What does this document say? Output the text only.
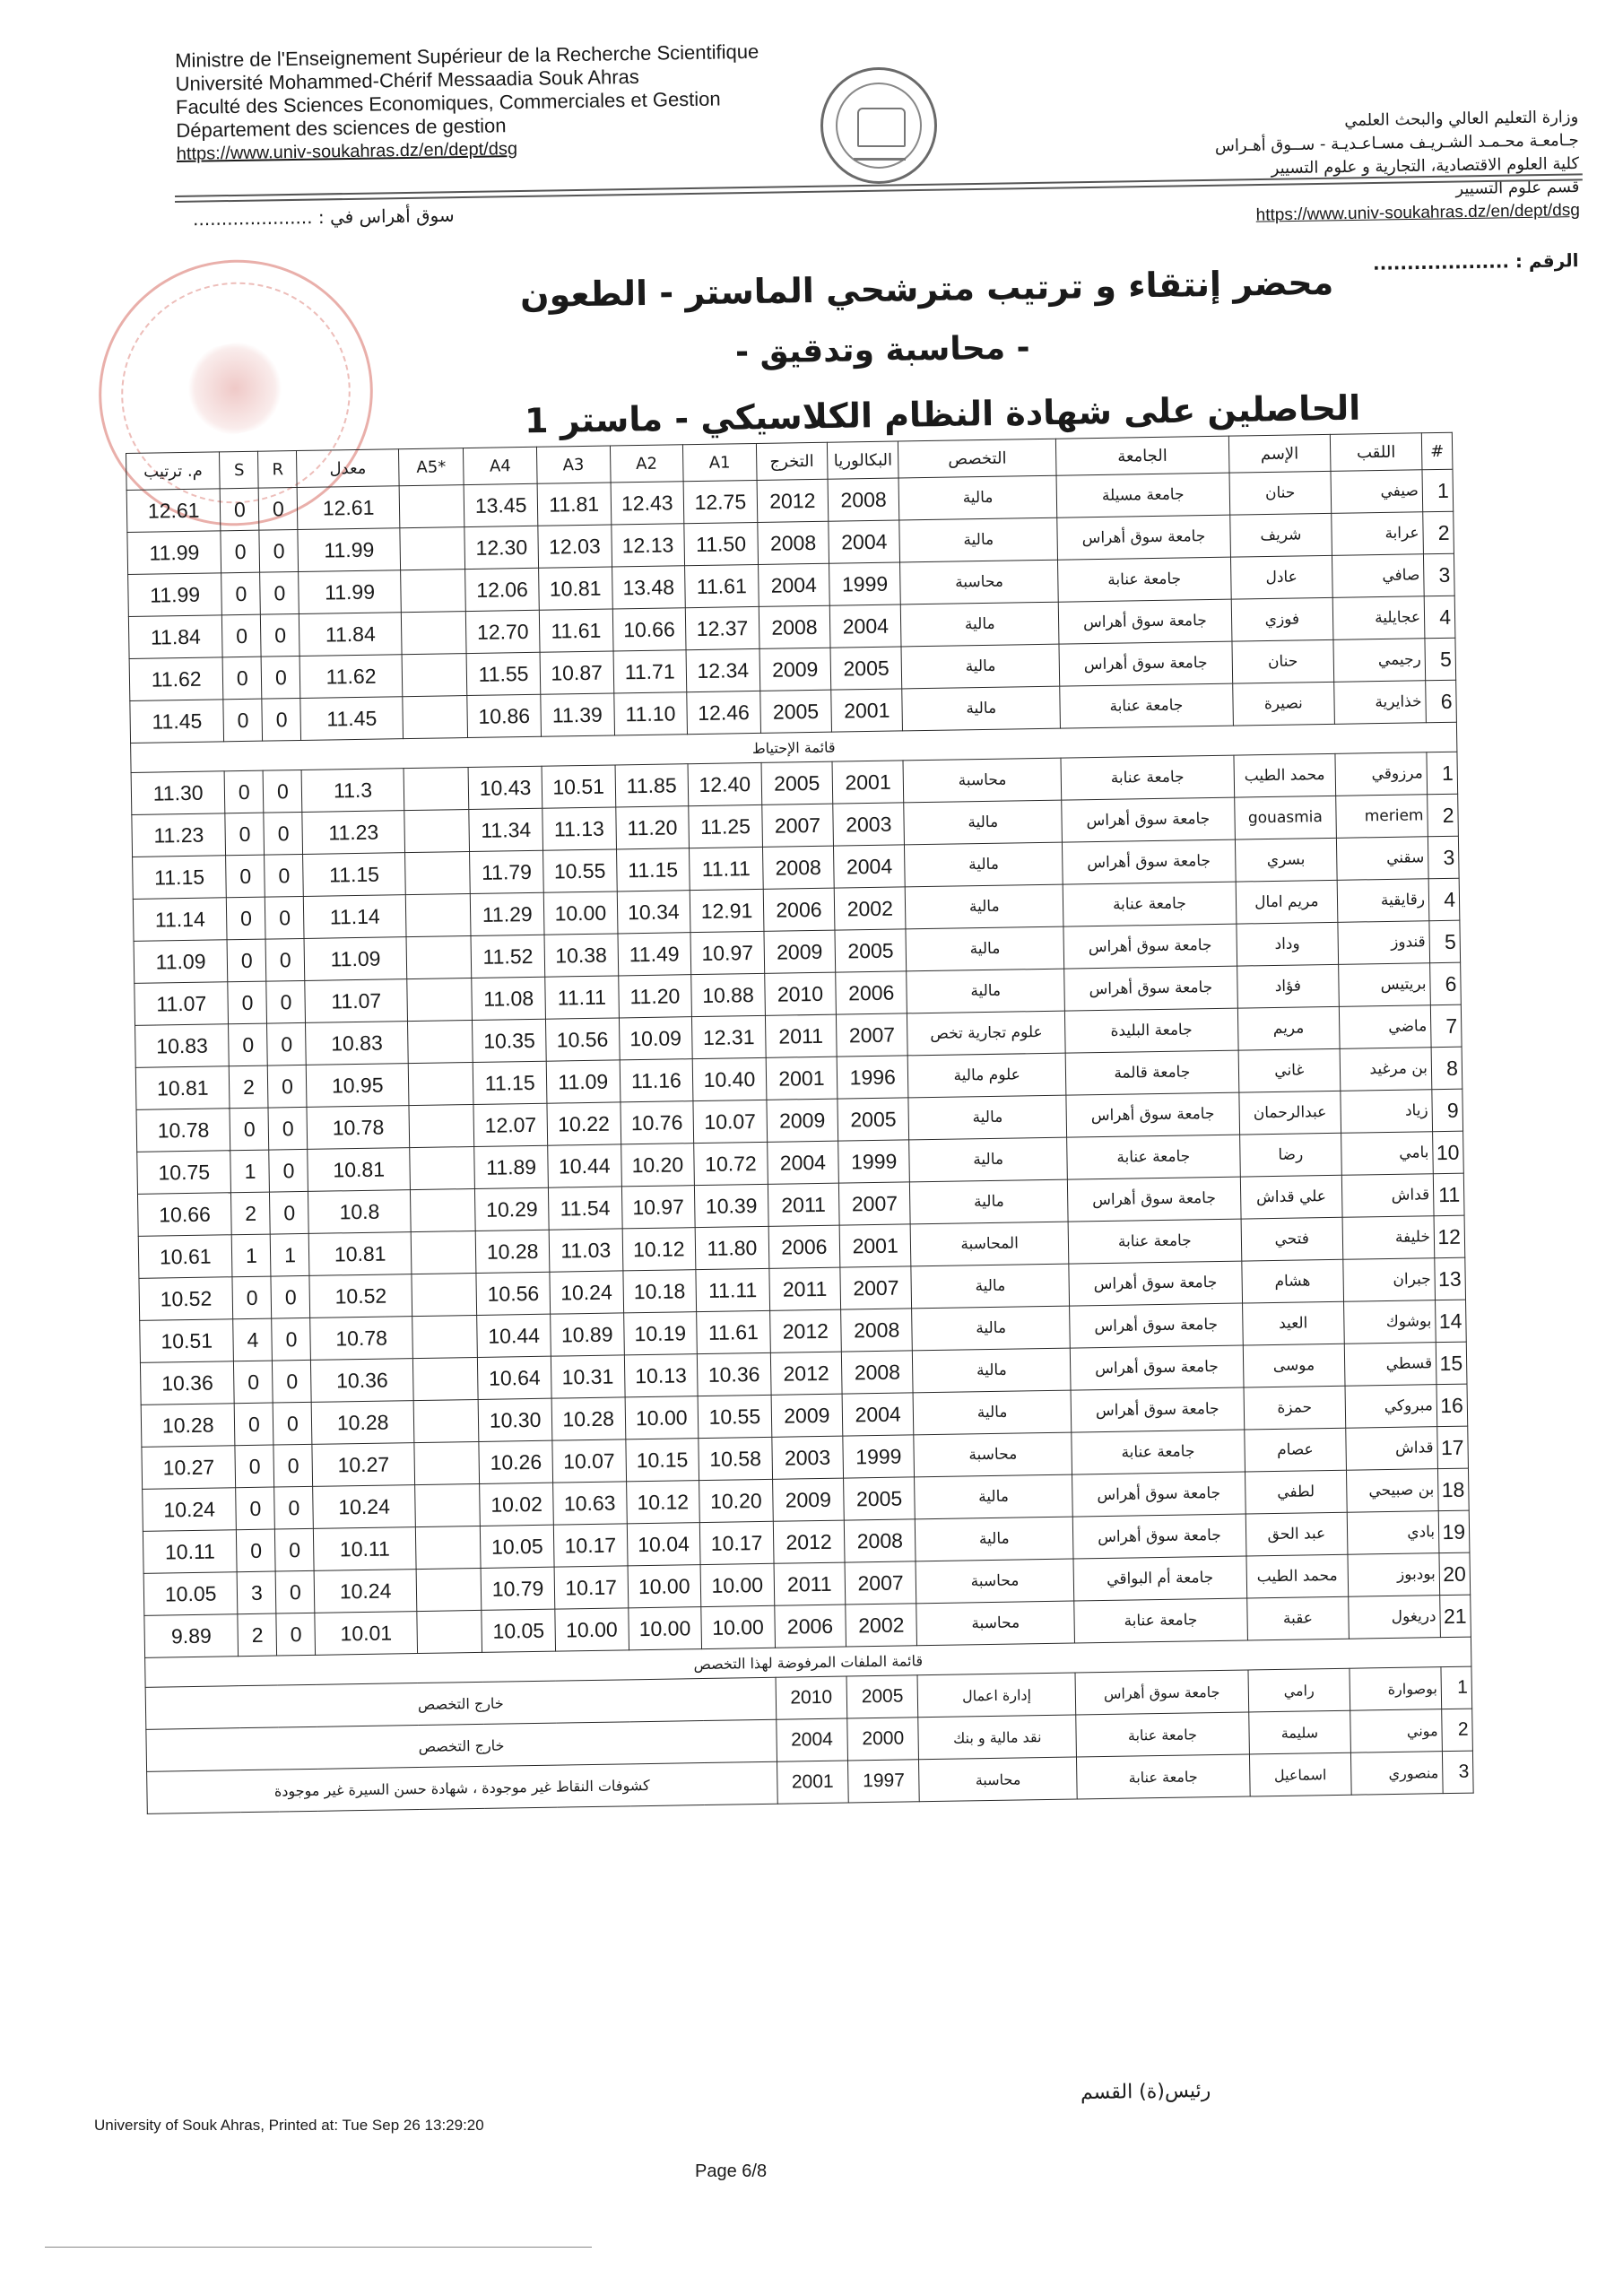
Ministre de l'Enseignement Supérieur de la Recherche Scientifique
Université Mohammed-Chérif Messaadia Souk Ahras
Faculté des Sciences Economiques, Commerciales et Gestion
Département des sciences de gestion
https://www.univ-soukahras.dz/en/dept/dsg
وزارة التعليم العالي والبحث العلمي
جـامعـة محـمـد الشـريـف مسـاعـديـة - ســوق أهـراس
كلية العلوم الاقتصادية، التجارية و علوم التسيير
قسم علوم التسيير
https://www.univ-soukahras.dz/en/dept/dsg
سوق أهراس في : .....................
الرقم : ....................
محضر إنتقاء و ترتيب مترشحي الماستر - الطعون
- محاسبة وتدقيق -
الحاصلين على شهادة النظام الكلاسيكي - ماستر 1
#	اللقب	الإسم	الجامعة	التخصص	البكالوريا	التخرج	A1	A2	A3	A4	*A5	معدل	R	S	م. ترتيب
1	صيفي	حنان	جامعة مسيلة	مالية	2008	2012	12.75	12.43	11.81	13.45		12.61	0	0	12.61
2	عرابة	شريف	جامعة سوق أهراس	مالية	2004	2008	11.50	12.13	12.03	12.30		11.99	0	0	11.99
3	صافي	عادل	جامعة عنابة	محاسبة	1999	2004	11.61	13.48	10.81	12.06		11.99	0	0	11.99
4	عجايلية	فوزي	جامعة سوق أهراس	مالية	2004	2008	12.37	10.66	11.61	12.70		11.84	0	0	11.84
5	رجيمي	حنان	جامعة سوق أهراس	مالية	2005	2009	12.34	11.71	10.87	11.55		11.62	0	0	11.62
6	خذايرية	نصيرة	جامعة عنابة	مالية	2001	2005	12.46	11.10	11.39	10.86		11.45	0	0	11.45
قائمة الإحتياط															
1	مرزوقي	محمد الطيب	جامعة عنابة	محاسبة	2001	2005	12.40	11.85	10.51	10.43		11.3	0	0	11.30
2	meriem	gouasmia	جامعة سوق أهراس	مالية	2003	2007	11.25	11.20	11.13	11.34		11.23	0	0	11.23
3	سقني	بسري	جامعة سوق أهراس	مالية	2004	2008	11.11	11.15	10.55	11.79		11.15	0	0	11.15
4	رقايقية	مريم امال	جامعة عنابة	مالية	2002	2006	12.91	10.34	10.00	11.29		11.14	0	0	11.14
5	قندوز	وداد	جامعة سوق أهراس	مالية	2005	2009	10.97	11.49	10.38	11.52		11.09	0	0	11.09
6	بريتيس	فؤاد	جامعة سوق أهراس	مالية	2006	2010	10.88	11.20	11.11	11.08		11.07	0	0	11.07
7	ماضي	مريم	جامعة البليدة	علوم تجارية تخص	2007	2011	12.31	10.09	10.56	10.35		10.83	0	0	10.83
8	بن مرغيد	غاني	جامعة قالمة	علوم مالية	1996	2001	10.40	11.16	11.09	11.15		10.95	0	2	10.81
9	زياد	عبدالرحمان	جامعة سوق أهراس	مالية	2005	2009	10.07	10.76	10.22	12.07		10.78	0	0	10.78
10	بامي	رضا	جامعة عنابة	مالية	1999	2004	10.72	10.20	10.44	11.89		10.81	0	1	10.75
11	قداش	علي قداش	جامعة سوق أهراس	مالية	2007	2011	10.39	10.97	11.54	10.29		10.8	0	2	10.66
12	خليفة	فتحي	جامعة عنابة	المحاسبة	2001	2006	11.80	10.12	11.03	10.28		10.81	1	1	10.61
13	جبران	هشام	جامعة سوق أهراس	مالية	2007	2011	11.11	10.18	10.24	10.56		10.52	0	0	10.52
14	بوشوك	العيد	جامعة سوق أهراس	مالية	2008	2012	11.61	10.19	10.89	10.44		10.78	0	4	10.51
15	قسطي	موسى	جامعة سوق أهراس	مالية	2008	2012	10.36	10.13	10.31	10.64		10.36	0	0	10.36
16	مبروكي	حمزة	جامعة سوق أهراس	مالية	2004	2009	10.55	10.00	10.28	10.30		10.28	0	0	10.28
17	قداش	عصام	جامعة عنابة	محاسبة	1999	2003	10.58	10.15	10.07	10.26		10.27	0	0	10.27
18	بن صبيحي	لطفي	جامعة سوق أهراس	مالية	2005	2009	10.20	10.12	10.63	10.02		10.24	0	0	10.24
19	بادي	عبد الحق	جامعة سوق أهراس	مالية	2008	2012	10.17	10.04	10.17	10.05		10.11	0	0	10.11
20	بودبوز	محمد الطيب	جامعة أم البواقي	محاسبة	2007	2011	10.00	10.00	10.17	10.79		10.24	0	3	10.05
21	دريغول	عقبة	جامعة عنابة	محاسبة	2002	2006	10.00	10.00	10.00	10.05		10.01	0	2	9.89
قائمة الملفات المرفوضة لهذا التخصص															
1	بوصوارة	رامي	جامعة سوق أهراس	إدارة اعمال	2005	2010	خارج التخصص								
2	موني	سليمة	جامعة عنابة	نقد مالية و بنك	2000	2004	خارج التخصص								
3	منصوري	اسماعيل	جامعة عنابة	محاسبة	1997	2001	كشوفات النقاط غير موجودة ، شهادة حسن السيرة غير موجودة								
رئيس(ة) القسم
University of Souk Ahras, Printed at: Tue Sep 26 13:29:20
Page 6/8
